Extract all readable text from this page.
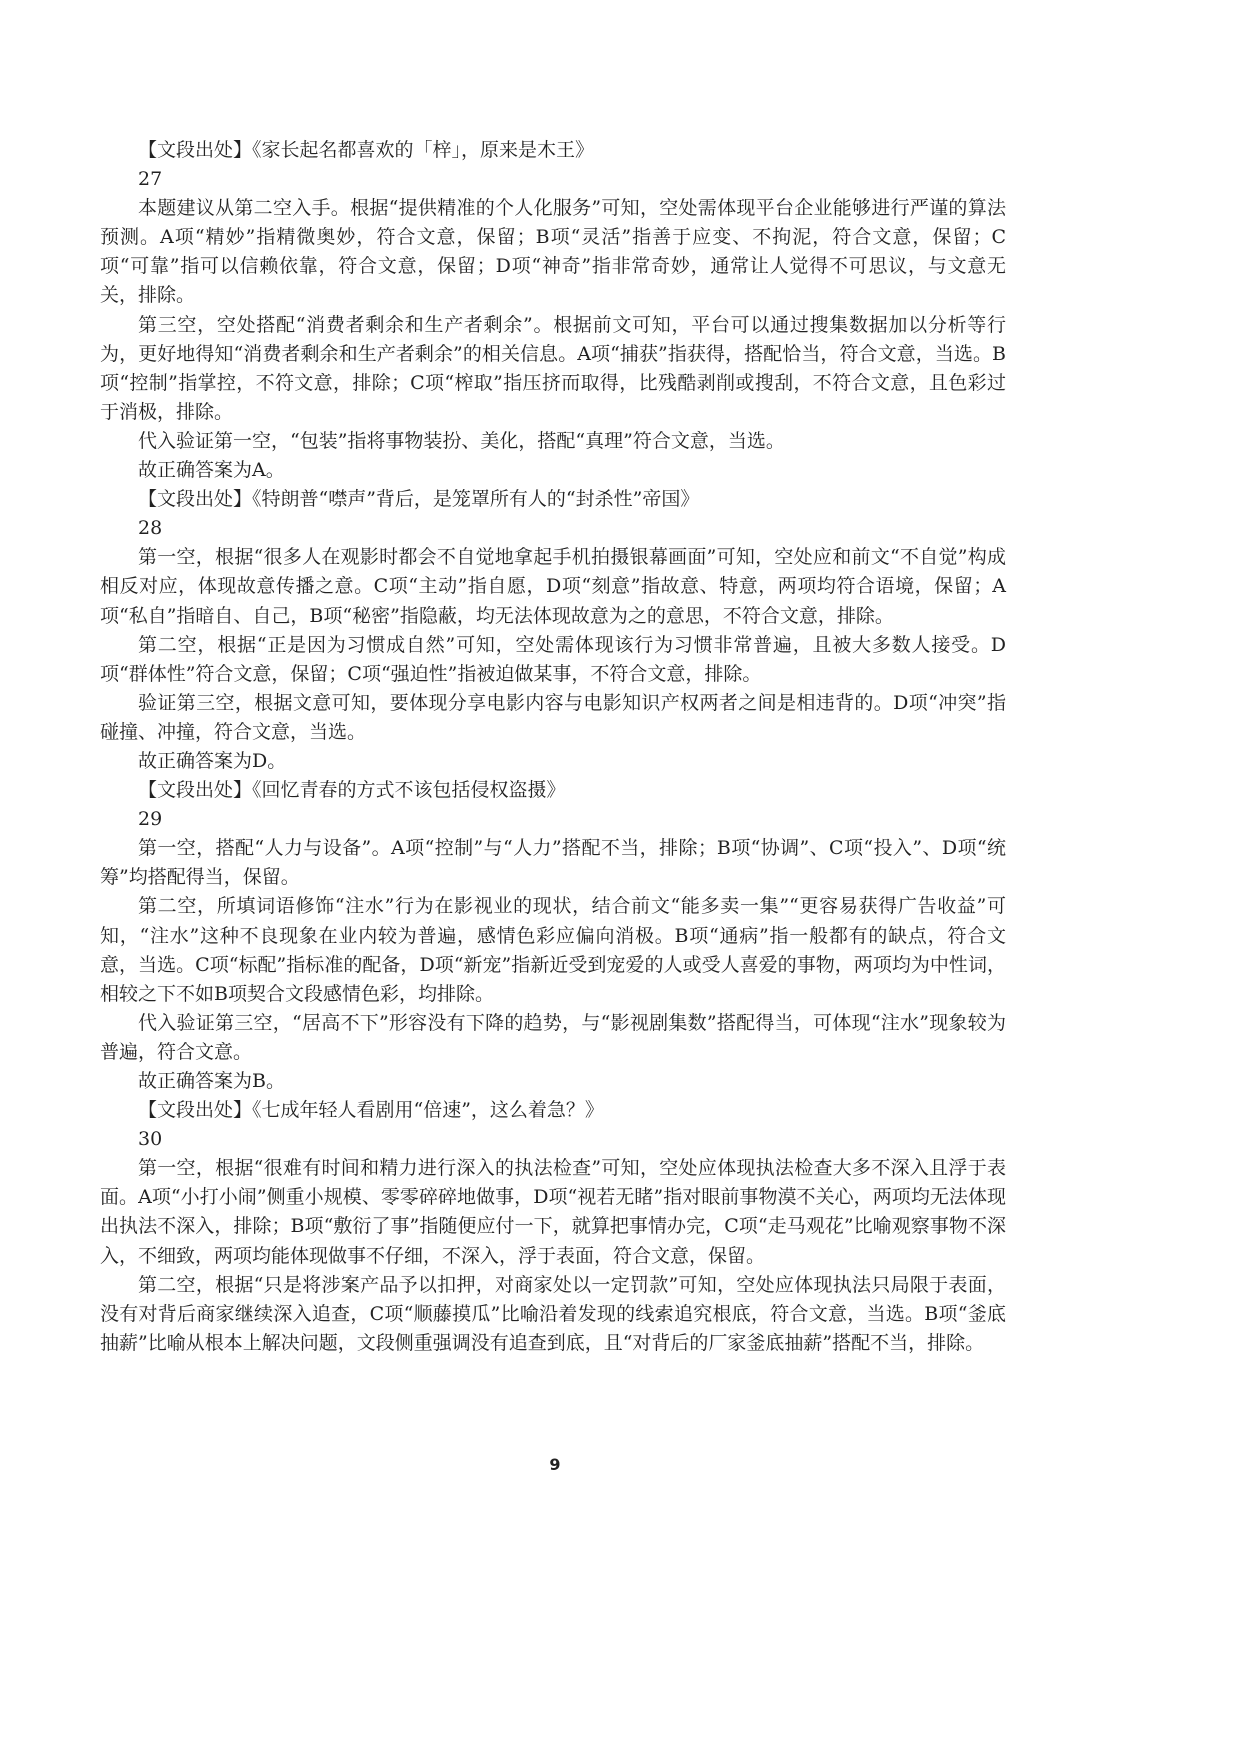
【文段出处】《家长起名都喜欢的「梓」，原来是木王》

27

本题建议从第二空入手。根据“提供精准的个人化服务”可知，空处需体现平台企业能够进行严谨的算法预测。A项“精妙”指精微奥妙，符合文意，保留；B项“灵活”指善于应变、不拘泥，符合文意，保留；C项“可靠”指可以信赖依靠，符合文意，保留；D项“神奇”指非常奇妙，通常让人觉得不可思议，与文意无关，排除。

第三空，空处搭配“消费者剩余和生产者剩余”。根据前文可知，平台可以通过搜集数据加以分析等行为，更好地得知“消费者剩余和生产者剩余”的相关信息。A项“捕获”指获得，搭配恰当，符合文意，当选。B项“控制”指掌控，不符文意，排除；C项“榨取”指压挤而取得，比残酷剥削或搜刮，不符合文意，且色彩过于消极，排除。

代入验证第一空，“包装”指将事物装扮、美化，搭配“真理”符合文意，当选。

故正确答案为A。

【文段出处】《特朗普“噤声”背后，是笼罩所有人的“封杀性”帝国》

28

第一空，根据“很多人在观影时都会不自觉地拿起手机拍摄银幕画面”可知，空处应和前文“不自觉”构成相反对应，体现故意传播之意。C项“主动”指自愿，D项“刻意”指故意、特意，两项均符合语境，保留；A项“私自”指暗自、自己，B项“秘密”指隐蔽，均无法体现故意为之的意思，不符合文意，排除。

第二空，根据“正是因为习惯成自然”可知，空处需体现该行为习惯非常普遍，且被大多数人接受。D项“群体性”符合文意，保留；C项“强迫性”指被迫做某事，不符合文意，排除。

验证第三空，根据文意可知，要体现分享电影内容与电影知识产权两者之间是相违背的。D项“冲突”指碰撞、冲撞，符合文意，当选。

故正确答案为D。

【文段出处】《回忆青春的方式不该包括侵权盗摄》

29

第一空，搭配“人力与设备”。A项“控制”与“人力”搭配不当，排除；B项“协调”、C项“投入”、D项“统筹”均搭配得当，保留。

第二空，所填词语修饰“注水”行为在影视业的现状，结合前文“能多卖一集”“更容易获得广告收益”可知，“注水”这种不良现象在业内较为普遍，感情色彩应偏向消极。B项“通病”指一般都有的缺点，符合文意，当选。C项“标配”指标准的配备，D项“新宠”指新近受到宠爱的人或受人喜爱的事物，两项均为中性词，相较之下不如B项契合文段感情色彩，均排除。

代入验证第三空，“居高不下”形容没有下降的趋势，与“影视剧集数”搭配得当，可体现“注水”现象较为普遍，符合文意。

故正确答案为B。

【文段出处】《七成年轻人看剧用“倍速”，这么着急？》

30

第一空，根据“很难有时间和精力进行深入的执法检查”可知，空处应体现执法检查大多不深入且浮于表面。A项“小打小闹”侧重小规模、零零碎碎地做事，D项“视若无睹”指对眼前事物漠不关心，两项均无法体现出执法不深入，排除；B项“敷衍了事”指随便应付一下，就算把事情办完，C项“走马观花”比喻观察事物不深入，不细致，两项均能体现做事不仔细，不深入，浮于表面，符合文意，保留。

第二空，根据“只是将涉案产品予以扣押，对商家处以一定罚款”可知，空处应体现执法只局限于表面，没有对背后商家继续深入追查，C项“顺藤摸瓜”比喻沿着发现的线索追究根底，符合文意，当选。B项“釜底抽薪”比喻从根本上解决问题，文段侧重强调没有追查到底，且“对背后的厂家釜底抽薪”搭配不当，排除。

9
